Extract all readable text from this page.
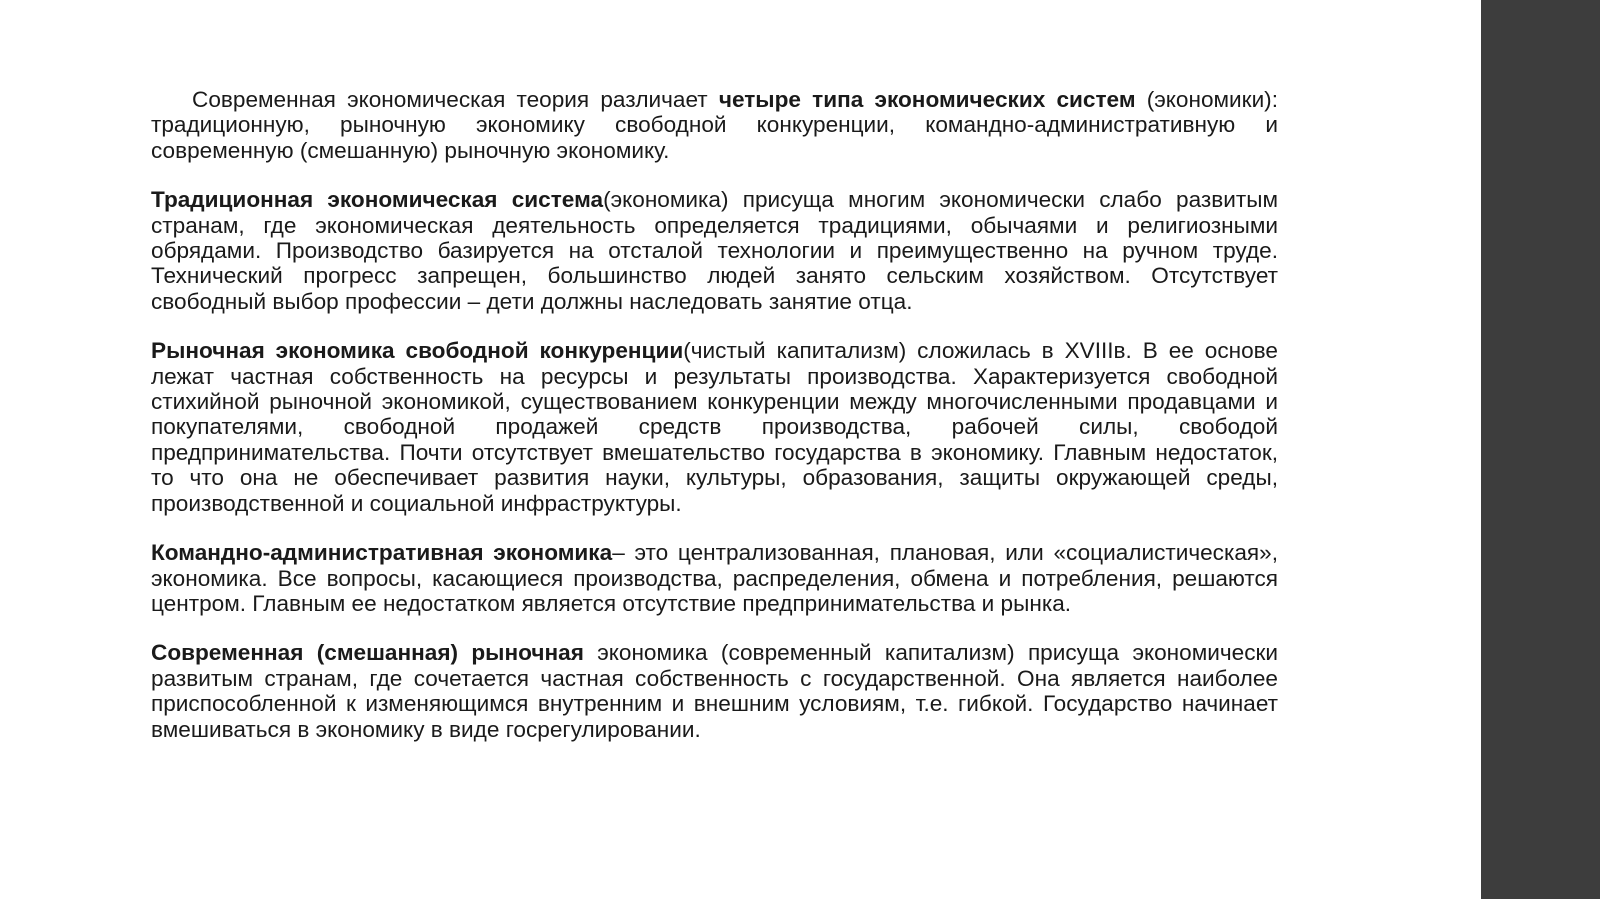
Современная экономическая теория различает четыре типа экономических систем (экономики): традиционную, рыночную экономику свободной конкуренции, командно-административную и современную (смешанную) рыночную экономику.

Традиционная экономическая система(экономика) присуща многим экономически слабо развитым странам, где экономическая деятельность определяется традициями, обычаями и религиозными обрядами. Производство базируется на отсталой технологии и преимущественно на ручном труде. Технический прогресс запрещен, большинство людей занято сельским хозяйством. Отсутствует свободный выбор профессии – дети должны наследовать занятие отца.

Рыночная экономика свободной конкуренции(чистый капитализм) сложилась в XVIIIв. В ее основе лежат частная собственность на ресурсы и результаты производства. Характеризуется свободной стихийной рыночной экономикой, существованием конкуренции между многочисленными продавцами и покупателями, свободной продажей средств производства, рабочей силы, свободой предпринимательства. Почти отсутствует вмешательство государства в экономику. Главным недостаток, то что она не обеспечивает развития науки, культуры, образования, защиты окружающей среды, производственной и социальной инфраструктуры.

Командно-административная экономика– это централизованная, плановая, или «социалистическая», экономика. Все вопросы, касающиеся производства, распределения, обмена и потребления, решаются центром. Главным ее недостатком является отсутствие предпринимательства и рынка.

Современная (смешанная) рыночная экономика (современный капитализм) присуща экономически развитым странам, где сочетается частная собственность с государственной. Она является наиболее приспособленной к изменяющимся внутренним и внешним условиям, т.е. гибкой. Государство начинает вмешиваться в экономику в виде госрегулировании.
